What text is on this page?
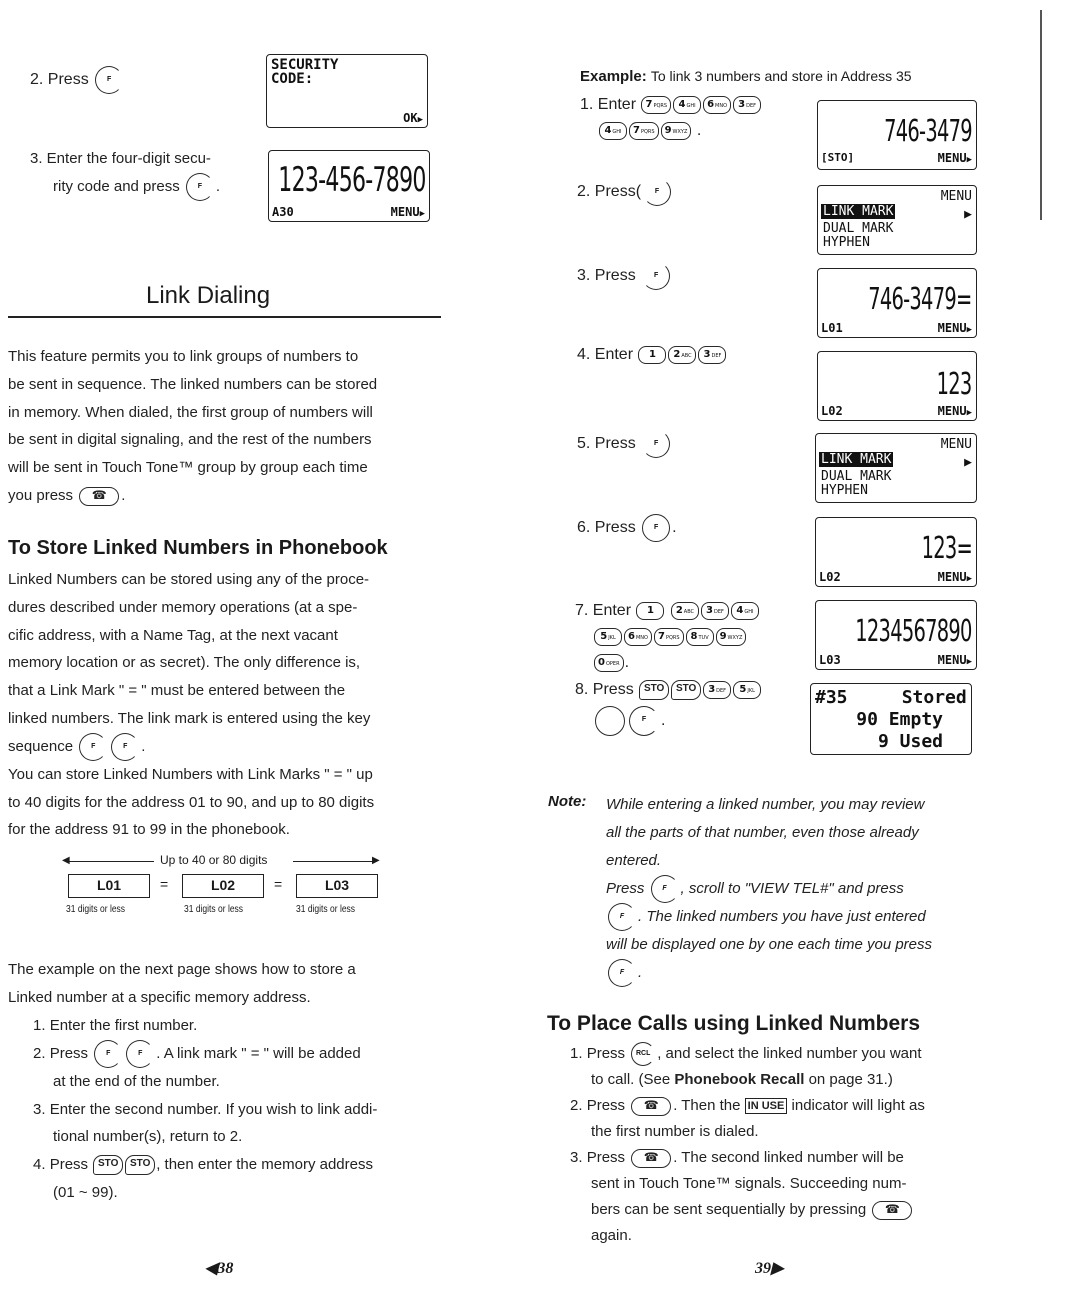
2. Press	F
SECURITY
CODE:
OK▶
3. Enter the four-digit secu-
rity code and press	F . 123-456-7890
A30	MENU▶
Link Dialing
This feature permits you to link groups of numbers to
be sent in sequence. The linked numbers can be stored
in memory. When dialed, the first group of numbers will
be sent in digital signaling, and the rest of the numbers
will be sent in Touch Tone™ group by group each time
you press ☎ .
To Store Linked Numbers in Phonebook
Linked Numbers can be stored using any of the proce-
dures described under memory operations (at a spe-
cific address, with a Name Tag, at the next vacant
memory location or as secret). The only difference is,
that a Link Mark " = " must be entered between the
linked numbers. The link mark is entered using the key
sequence	F	F .
You can store Linked Numbers with Link Marks " = " up
to 40 digits for the address 01 to 90, and up to 80 digits
for the address 91 to 99 in the phonebook.
◀	Up to 40 or 80 digits	▶
L01	=	L02	=	L03
31 digits or less	31 digits or less	31 digits or less
The example on the next page shows how to store a
Linked number at a specific memory address.
1. Enter the first number.
2. Press	F	F . A link mark " = " will be added
at the end of the number.
3. Enter the second number. If you wish to link addi-
tional number(s), return to 2.
4. Press STO STO , then enter the memory address
(01 ~ 99).
◀38
Example: To link 3 numbers and store in Address 35
1. Enter 7PQRS 4GHI 6MNO 3DEF
4GHI 7PQRS 9WXYZ .	746-3479
[STO]	MENU▶
2. Press( F	MENU
LINK MARK	▶
DUAL MARK
HYPHEN
3. Press	F
746-3479=
L01	MENU▶
4. Enter 1 2ABC 3DEF
123
L02	MENU▶
5. Press	F	MENU
LINK MARK	▶
DUAL MARK
HYPHEN
6. Press	F .
123=
L02	MENU▶
7. Enter 1 2ABC 3DEF 4GHI
5JKL 6MNO 7PQRS 8TUV 9WXYZ
0OPER .
1234567890
L03	MENU▶
8. Press STO STO 3DEF 5JKL
F .
#35     Stored
90 Empty
9 Used
Note: While entering a linked number, you may review
all the parts of that number, even those already
entered.
Press	F , scroll to "VIEW TEL#" and press
F . The linked numbers you have just entered
will be displayed one by one each time you press
F .
To Place Calls using Linked Numbers
1. Press RCL , and select the linked number you want
to call. (See Phonebook Recall on page 31.)
2. Press ☎ . Then the IN USE indicator will light as
the first number is dialed.
3. Press ☎ . The second linked number will be
sent in Touch Tone™ signals. Succeeding num-
bers can be sent sequentially by pressing ☎
again.
39▶
